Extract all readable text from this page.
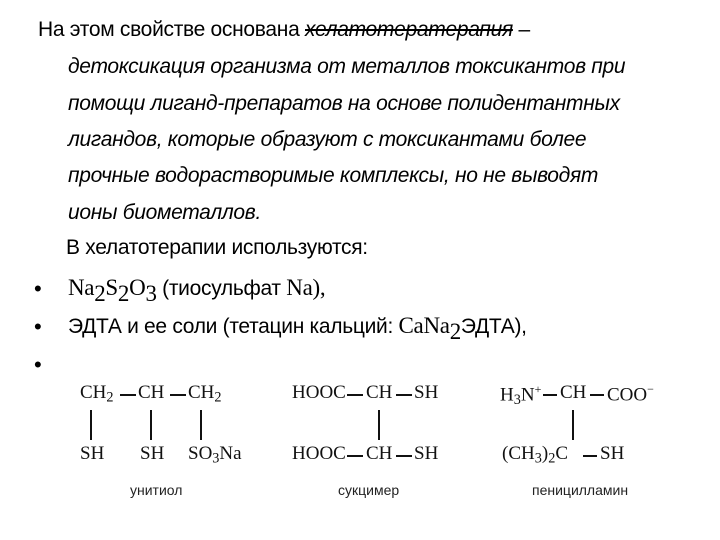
На этом свойстве основана хелатотератерапия –
детоксикация организма от металлов токсикантов при
помощи лиганд-препаратов на основе полидентантных
лигандов, которые образуют с токсикантами более
прочные водорастворимые комплексы, но не выводят
ионы биометаллов.
В хелатотерапии используются:
• $Na_2S_2O_3$ (тиосульфат Na),
• ЭДТА и ее соли (тетацин кальций: CaNa$_2$ЭДТА),
•
$CH_2$ CH $CH_2$
SH SH $SO_3Na$
унитиол
HOOC CH SH
HOOC CH SH
сукцимер
$H_3N^+$ CH COO−
$(CH_3)_2C$ SH
пеницилламин
